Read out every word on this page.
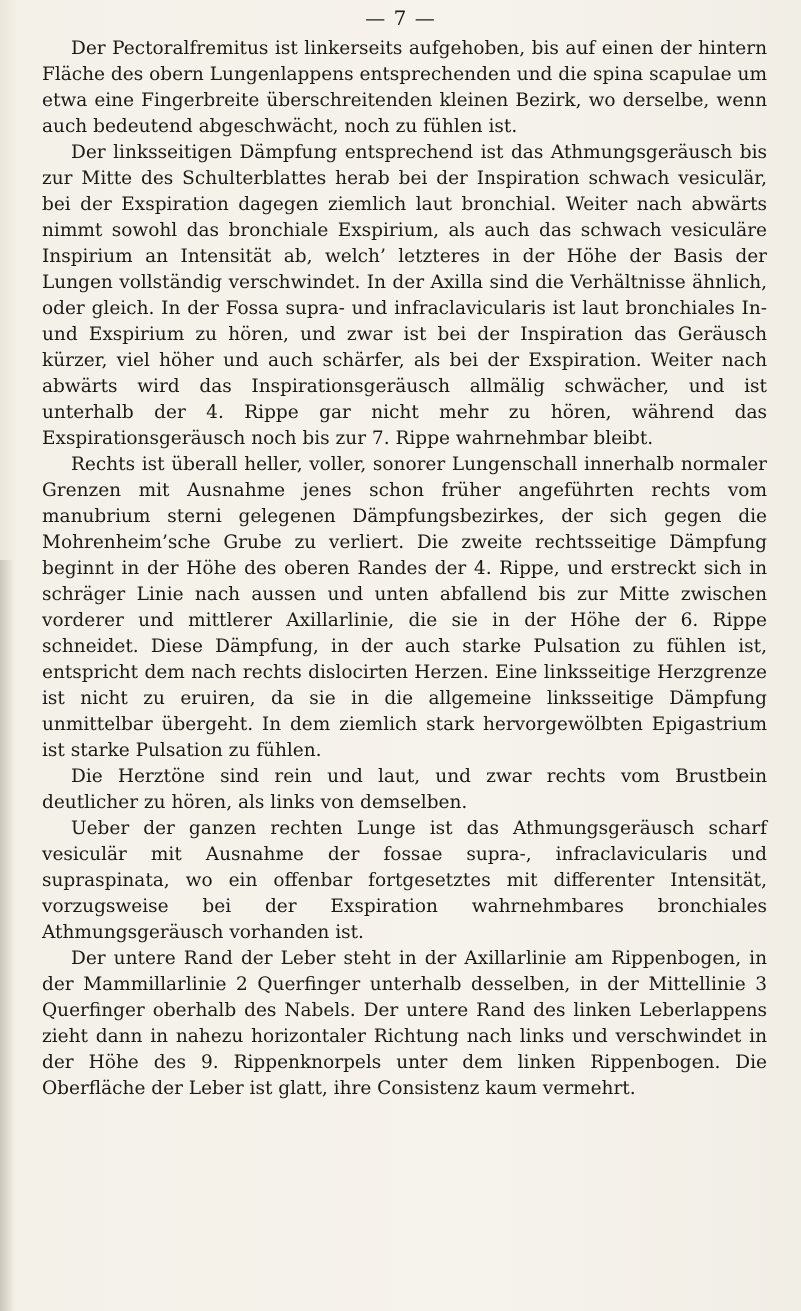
— 7 —

Der Pectoralfremitus ist linkerseits aufgehoben, bis auf einen der hintern Fläche des obern Lungenlappens entsprechenden und die spina scapulae um etwa eine Fingerbreite überschreitenden kleinen Bezirk, wo derselbe, wenn auch bedeutend abgeschwächt, noch zu fühlen ist.

Der linksseitigen Dämpfung entsprechend ist das Athmungsgeräusch bis zur Mitte des Schulterblattes herab bei der Inspiration schwach vesiculär, bei der Exspiration dagegen ziemlich laut bronchial. Weiter nach abwärts nimmt sowohl das bronchiale Exspirium, als auch das schwach vesiculäre Inspirium an Intensität ab, welch’ letzteres in der Höhe der Basis der Lungen vollständig verschwindet. In der Axilla sind die Verhältnisse ähnlich, oder gleich. In der Fossa supra- und infraclavicularis ist laut bronchiales In- und Exspirium zu hören, und zwar ist bei der Inspiration das Geräusch kürzer, viel höher und auch schärfer, als bei der Exspiration. Weiter nach abwärts wird das Inspirationsgeräusch allmälig schwächer, und ist unterhalb der 4. Rippe gar nicht mehr zu hören, während das Exspirationsgeräusch noch bis zur 7. Rippe wahrnehmbar bleibt.

Rechts ist überall heller, voller, sonorer Lungenschall innerhalb normaler Grenzen mit Ausnahme jenes schon früher angeführten rechts vom manubrium sterni gelegenen Dämpfungsbezirkes, der sich gegen die Mohrenheim’sche Grube zu verliert. Die zweite rechtsseitige Dämpfung beginnt in der Höhe des oberen Randes der 4. Rippe, und erstreckt sich in schräger Linie nach aussen und unten abfallend bis zur Mitte zwischen vorderer und mittlerer Axillarlinie, die sie in der Höhe der 6. Rippe schneidet. Diese Dämpfung, in der auch starke Pulsation zu fühlen ist, entspricht dem nach rechts dislocirten Herzen. Eine linksseitige Herzgrenze ist nicht zu eruiren, da sie in die allgemeine linksseitige Dämpfung unmittelbar übergeht. In dem ziemlich stark hervorgewölbten Epigastrium ist starke Pulsation zu fühlen.

Die Herztöne sind rein und laut, und zwar rechts vom Brustbein deutlicher zu hören, als links von demselben.

Ueber der ganzen rechten Lunge ist das Athmungsgeräusch scharf vesiculär mit Ausnahme der fossae supra-, infraclavicularis und supraspinata, wo ein offenbar fortgesetztes mit differenter Intensität, vorzugsweise bei der Exspiration wahrnehmbares bronchiales Athmungsgeräusch vorhanden ist.

Der untere Rand der Leber steht in der Axillarlinie am Rippenbogen, in der Mammillarlinie 2 Querfinger unterhalb desselben, in der Mittellinie 3 Querfinger oberhalb des Nabels. Der untere Rand des linken Leberlappens zieht dann in nahezu horizontaler Richtung nach links und verschwindet in der Höhe des 9. Rippenknorpels unter dem linken Rippenbogen. Die Oberfläche der Leber ist glatt, ihre Consistenz kaum vermehrt.
